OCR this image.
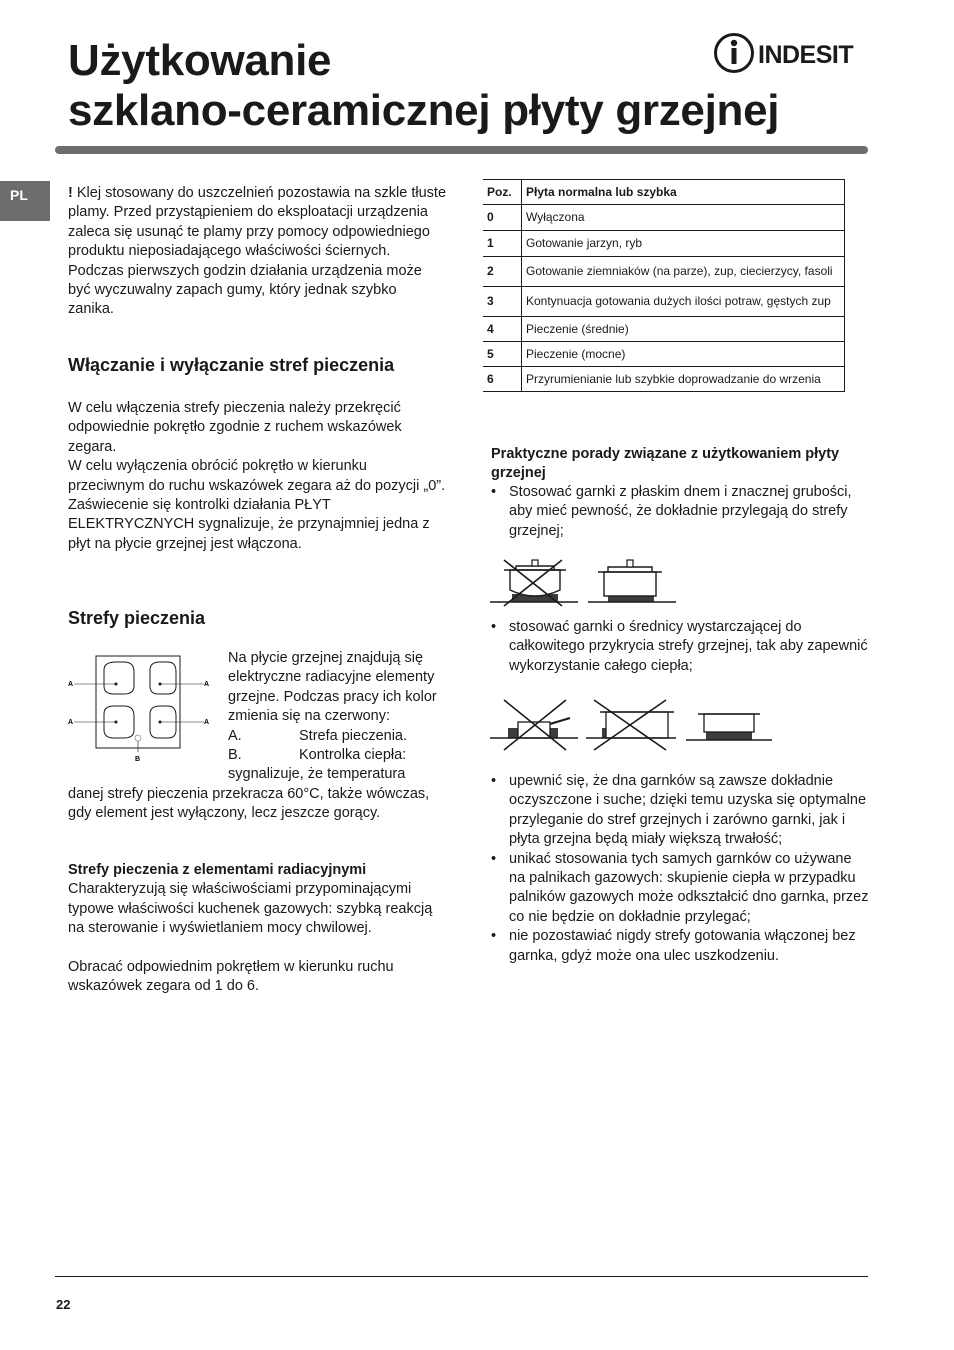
Użytkowanie
szklano-ceramicznej płyty grzejnej
INDESIT
PL	! Klej stosowany do uszczelnień pozostawia na szkle tłuste plamy. Przed przystąpieniem do eksploatacji urządzenia zaleca się usunąć te plamy przy pomocy odpowiedniego produktu nieposiadającego właściwości ściernych. Podczas pierwszych godzin działania urządzenia może być wyczuwalny zapach gumy, który jednak szybko zanika.

Włączanie i wyłączanie stref pieczenia
W celu włączenia strefy pieczenia należy przekręcić odpowiednie pokrętło zgodnie z ruchem wskazówek zegara.
W celu wyłączenia obrócić pokrętło w kierunku przeciwnym do ruchu wskazówek zegara aż do pozycji „0”.
Zaświecenie się kontrolki działania PŁYT ELEKTRYCZNYCH sygnalizuje, że przynajmniej jedna z płyt na płycie grzejnej jest włączona.
Strefy pieczenia
A	A
A	A
B
Na płycie grzejnej znajdują się elektryczne radiacyjne elementy grzejne. Podczas pracy ich kolor zmienia się na czerwony:
A.	Strefa pieczenia.
B.	Kontrolka ciepła:
sygnalizuje, że temperatura
danej strefy pieczenia przekracza 60°C, także wówczas, gdy element jest wyłączony, lecz jeszcze gorący.
Strefy pieczenia z elementami radiacyjnymi
Charakteryzują się właściwościami przypominającymi typowe właściwości kuchenek gazowych: szybką reakcją na sterowanie i wyświetlaniem mocy chwilowej.
Obracać odpowiednim pokrętłem w kierunku ruchu wskazówek zegara od 1 do 6.
Poz.	Płyta normalna lub szybka
0	Wyłączona
1	Gotowanie jarzyn, ryb
2	Gotowanie ziemniaków (na parze), zup, ciecierzycy, fasoli
3	Kontynuacja gotowania dużych ilości potraw, gęstych zup
4	Pieczenie (średnie)
5	Pieczenie (mocne)
6	Przyrumienianie lub szybkie doprowadzanie do wrzenia
Praktyczne porady związane z użytkowaniem płyty grzejnej
• Stosować garnki z płaskim dnem i znacznej grubości, aby mieć pewność, że dokładnie przylegają do strefy grzejnej;
• stosować garnki o średnicy wystarczającej do całkowitego przykrycia strefy grzejnej, tak aby zapewnić wykorzystanie całego ciepła;
• upewnić się, że dna garnków są zawsze dokładnie oczyszczone i suche; dzięki temu uzyska się optymalne przyleganie do stref grzejnych i zarówno garnki, jak i płyta grzejna będą miały większą trwałość;
• unikać stosowania tych samych garnków co używane na palnikach gazowych: skupienie ciepła w przypadku palników gazowych może odkształcić dno garnka, przez co nie będzie on dokładnie przylegać;
• nie pozostawiać nigdy strefy gotowania włączonej bez garnka, gdyż może ona ulec uszkodzeniu.
22
